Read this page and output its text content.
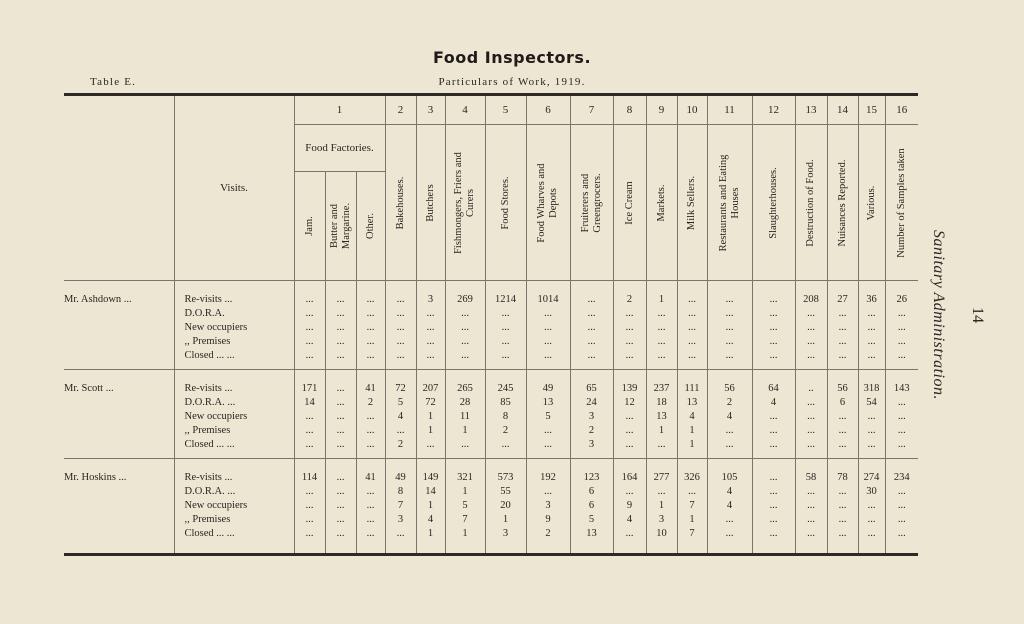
Food Inspectors.
Table E.	Particulars of Work, 1919.
Sanitary Administration. 14

	Visits.	1			2	3	4	5	6	7	8	9	10	11	12	13	14	15	16
		Food Factories.			Bakehouses.	Butchers	Fishmongers, Friers and Curers	Food Stores.	Food Wharves and Depots	Fruiterers and Greengrocers.	Ice Cream	Markets.	Milk Sellers.	Restaurants and Eating Houses	Slaughterhouses.	Destruction of Food.	Nuisances Reported.	Various.	Number of Samples taken

		Jam.	Butter and Margarine.	Other.															

Mr. Ashdown ...	Re-visits ...	...	...	...	...	3	269	1214	1014	...	2	1	...	...	...	208	27	36	26
	D.O.R.A.	...	...	...	...	...	...	...	...	...	...	...	...	...	...	...	...	...	...
	New occupiers	...	...	...	...	...	...	...	...	...	...	...	...	...	...	...	...	...	...
	,, Premises	...	...	...	...	...	...	...	...	...	...	...	...	...	...	...	...	...	...
	Closed ... ...	...	...	...	...	...	...	...	...	...	...	...	...	...	...	...	...	...	...

Mr. Scott ...	Re-visits ...	171	...	41	72	207	265	245	49	65	139	237	111	56	64	..	56	318	143
	D.O.R.A. ...	14	...	2	5	72	28	85	13	24	12	18	13	2	4	...	6	54	...
	New occupiers	...	...	...	4	1	11	8	5	3	...	13	4	4	...	...	...	...	...
	,, Premises	...	...	...	...	1	1	2	...	2	...	1	1	...	...	...	...	...	...
	Closed ... ...	...	...	...	2	...	...	...	...	3	...	...	1	...	...	...	...	...	...

Mr. Hoskins ...	Re-visits ...	114	...	41	49	149	321	573	192	123	164	277	326	105	...	58	78	274	234
	D.O.R.A. ...	...	...	...	8	14	1	55	...	6	...	...	...	4	...	...	...	30	...
	New occupiers	...	...	...	7	1	5	20	3	6	9	1	7	4	...	...	...	...	...
	,, Premises	...	...	...	3	4	7	1	9	5	4	3	1	...	...	...	...	...	...
	Closed ... ...	...	...	...	...	1	1	3	2	13	...	10	7	...	...	...	...	...	...
